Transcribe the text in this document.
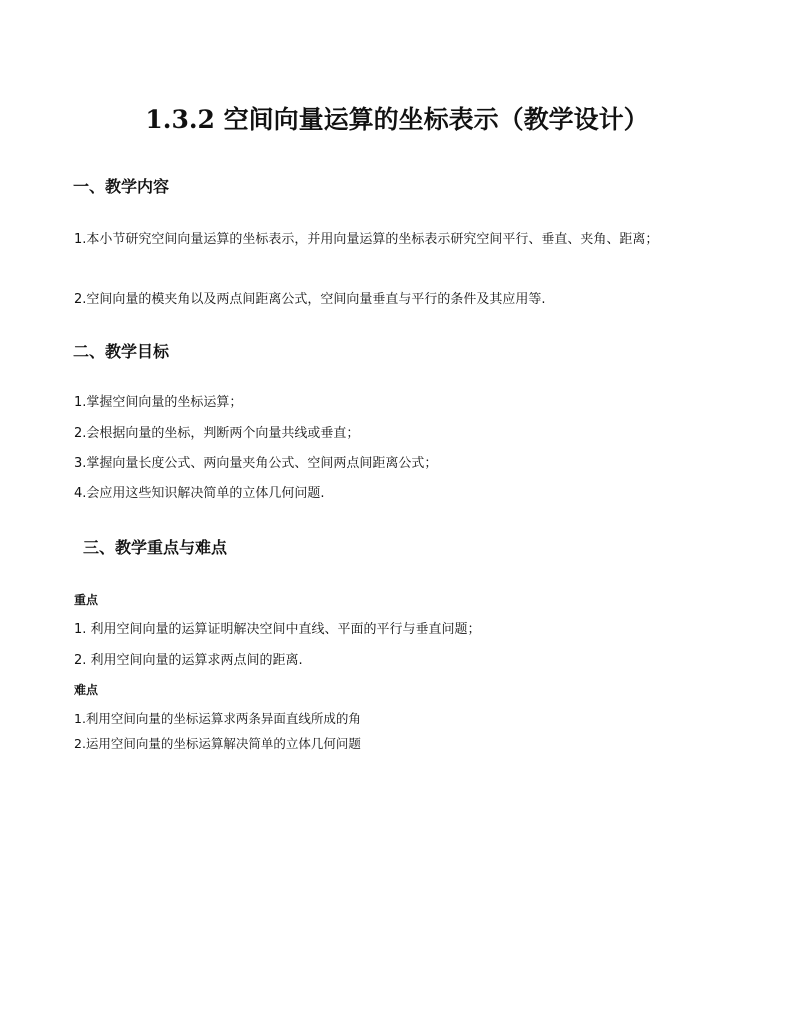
1.3.2 空间向量运算的坐标表示（教学设计）
一、教学内容

1.本小节研究空间向量运算的坐标表示，并用向量运算的坐标表示研究空间平行、垂直、夹角、距离；

2.空间向量的模夹角以及两点间距离公式，空间向量垂直与平行的条件及其应用等.

二、教学目标
1.掌握空间向量的坐标运算；
2.会根据向量的坐标，判断两个向量共线或垂直；
3.掌握向量长度公式、两向量夹角公式、空间两点间距离公式；
4.会应用这些知识解决简单的立体几何问题.
三、教学重点与难点
重点
1. 利用空间向量的运算证明解决空间中直线、平面的平行与垂直问题；
2. 利用空间向量的运算求两点间的距离.
难点
1.利用空间向量的坐标运算求两条异面直线所成的角
2.运用空间向量的坐标运算解决简单的立体几何问题
